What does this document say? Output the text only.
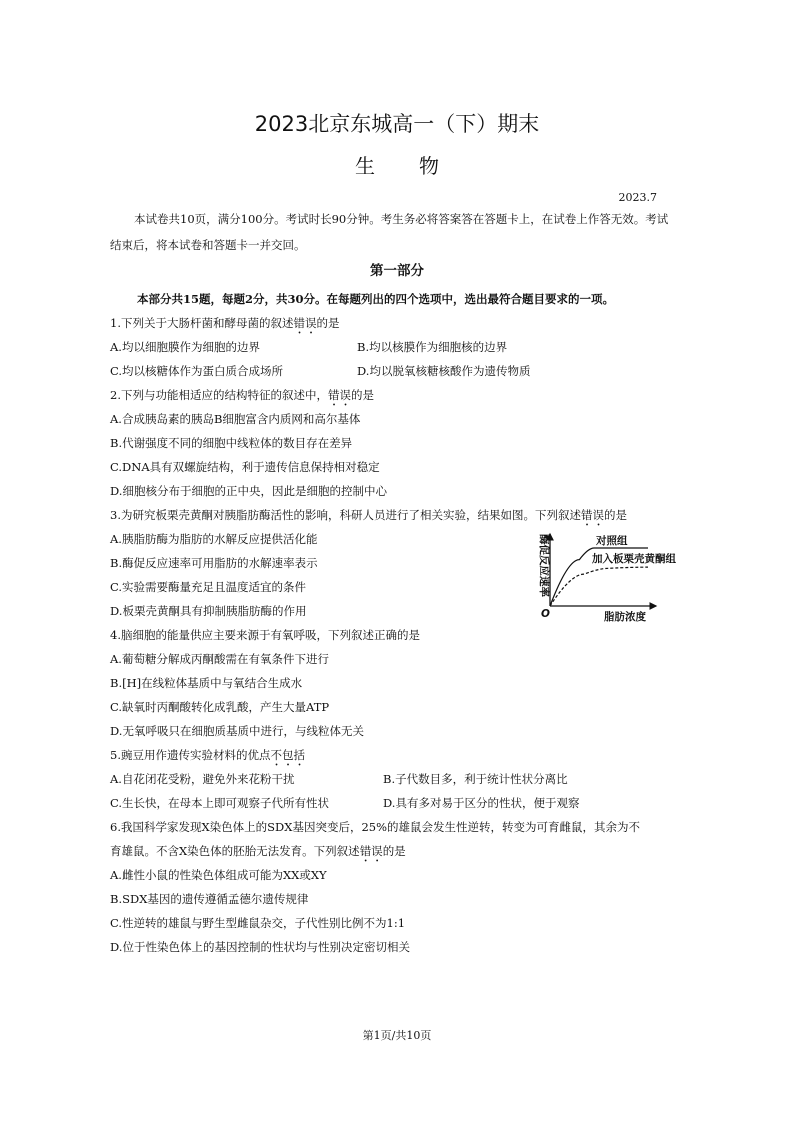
2023北京东城高一（下）期末
生物
2023.7
本试卷共10页，满分100分。考试时长90分钟。考生务必将答案答在答题卡上，在试卷上作答无效。考试结束后，将本试卷和答题卡一并交回。
第一部分
本部分共15题，每题2分，共30分。在每题列出的四个选项中，选出最符合题目要求的一项。
1.下列关于大肠杆菌和酵母菌的叙述错误的是
A.均以细胞膜作为细胞的边界	B.均以核膜作为细胞核的边界
C.均以核糖体作为蛋白质合成场所	D.均以脱氧核糖核酸作为遗传物质
2.下列与功能相适应的结构特征的叙述中，错误的是
A.合成胰岛素的胰岛B细胞富含内质网和高尔基体
B.代谢强度不同的细胞中线粒体的数目存在差异
C.DNA具有双螺旋结构，利于遗传信息保持相对稳定
D.细胞核分布于细胞的正中央，因此是细胞的控制中心
3.为研究板栗壳黄酮对胰脂肪酶活性的影响，科研人员进行了相关实验，结果如图。下列叙述错误的是
A.胰脂肪酶为脂肪的水解反应提供活化能
B.酶促反应速率可用脂肪的水解速率表示
C.实验需要酶量充足且温度适宜的条件
D.板栗壳黄酮具有抑制胰脂肪酶的作用
酶促反应速率
脂肪浓度
O
对照组
加入板栗壳黄酮组
4.脑细胞的能量供应主要来源于有氧呼吸，下列叙述正确的是
A.葡萄糖分解成丙酮酸需在有氧条件下进行
B.[H]在线粒体基质中与氧结合生成水
C.缺氧时丙酮酸转化成乳酸，产生大量ATP
D.无氧呼吸只在细胞质基质中进行，与线粒体无关
5.豌豆用作遗传实验材料的优点不包括
A.自花闭花受粉，避免外来花粉干扰	B.子代数目多，利于统计性状分离比
C.生长快，在母本上即可观察子代所有性状	D.具有多对易于区分的性状，便于观察
6.我国科学家发现X染色体上的SDX基因突变后，25%的雄鼠会发生性逆转，转变为可育雌鼠，其余为不
育雄鼠。不含X染色体的胚胎无法发育。下列叙述错误的是
A.雌性小鼠的性染色体组成可能为XX或XY
B.SDX基因的遗传遵循孟德尔遗传规律
C.性逆转的雄鼠与野生型雌鼠杂交，子代性别比例不为1:1
D.位于性染色体上的基因控制的性状均与性别决定密切相关
第1页/共10页
